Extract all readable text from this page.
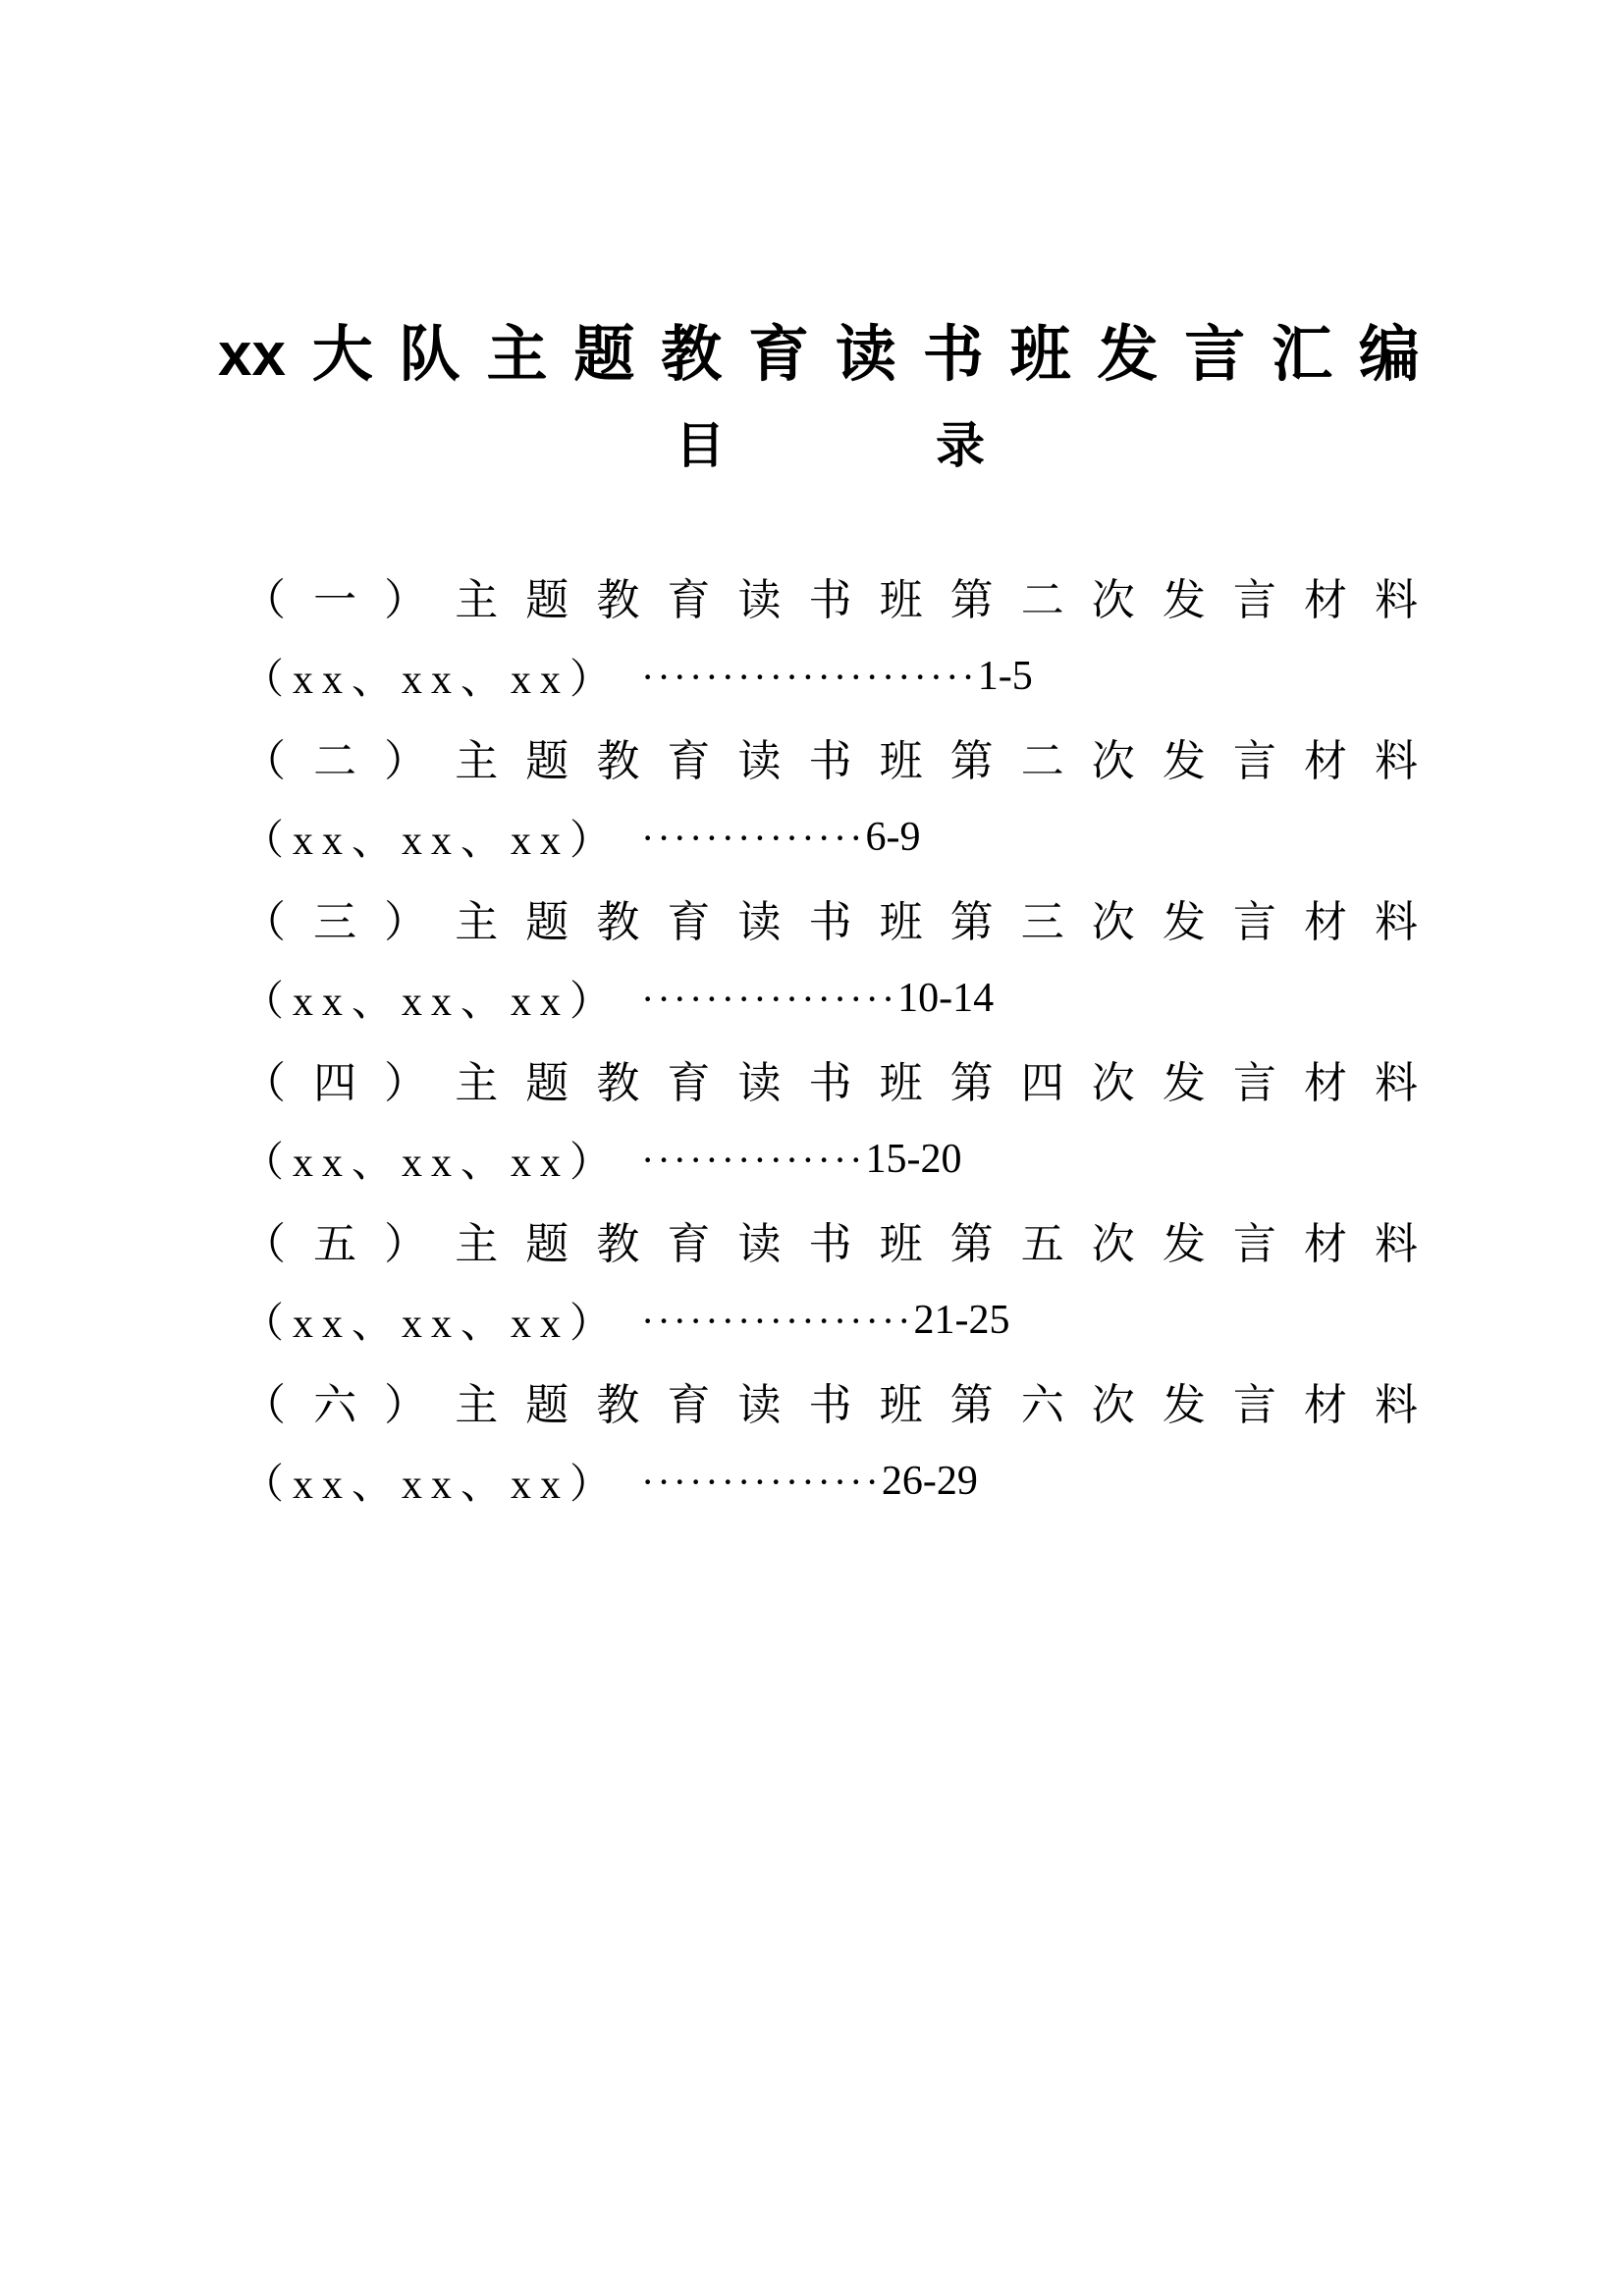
xx 大 队 主 题 教 育 读 书 班 发 言 汇 编
目	录
（ 一 ） 主 题 教 育 读 书 班 第 二 次 发 言 材 料
（xx、xx、xx） ····················· 1-5
（ 二 ） 主 题 教 育 读 书 班 第 二 次 发 言 材 料
（xx、xx、xx） ·············· 6-9
（ 三 ） 主 题 教 育 读 书 班 第 三 次 发 言 材 料
（xx、xx、xx） ················ 10-14
（ 四 ） 主 题 教 育 读 书 班 第 四 次 发 言 材 料
（xx、xx、xx） ·············· 15-20
（ 五 ） 主 题 教 育 读 书 班 第 五 次 发 言 材 料
（xx、xx、xx） ················· 21-25
（ 六 ） 主 题 教 育 读 书 班 第 六 次 发 言 材 料
（xx、xx、xx） ··············· 26-29
